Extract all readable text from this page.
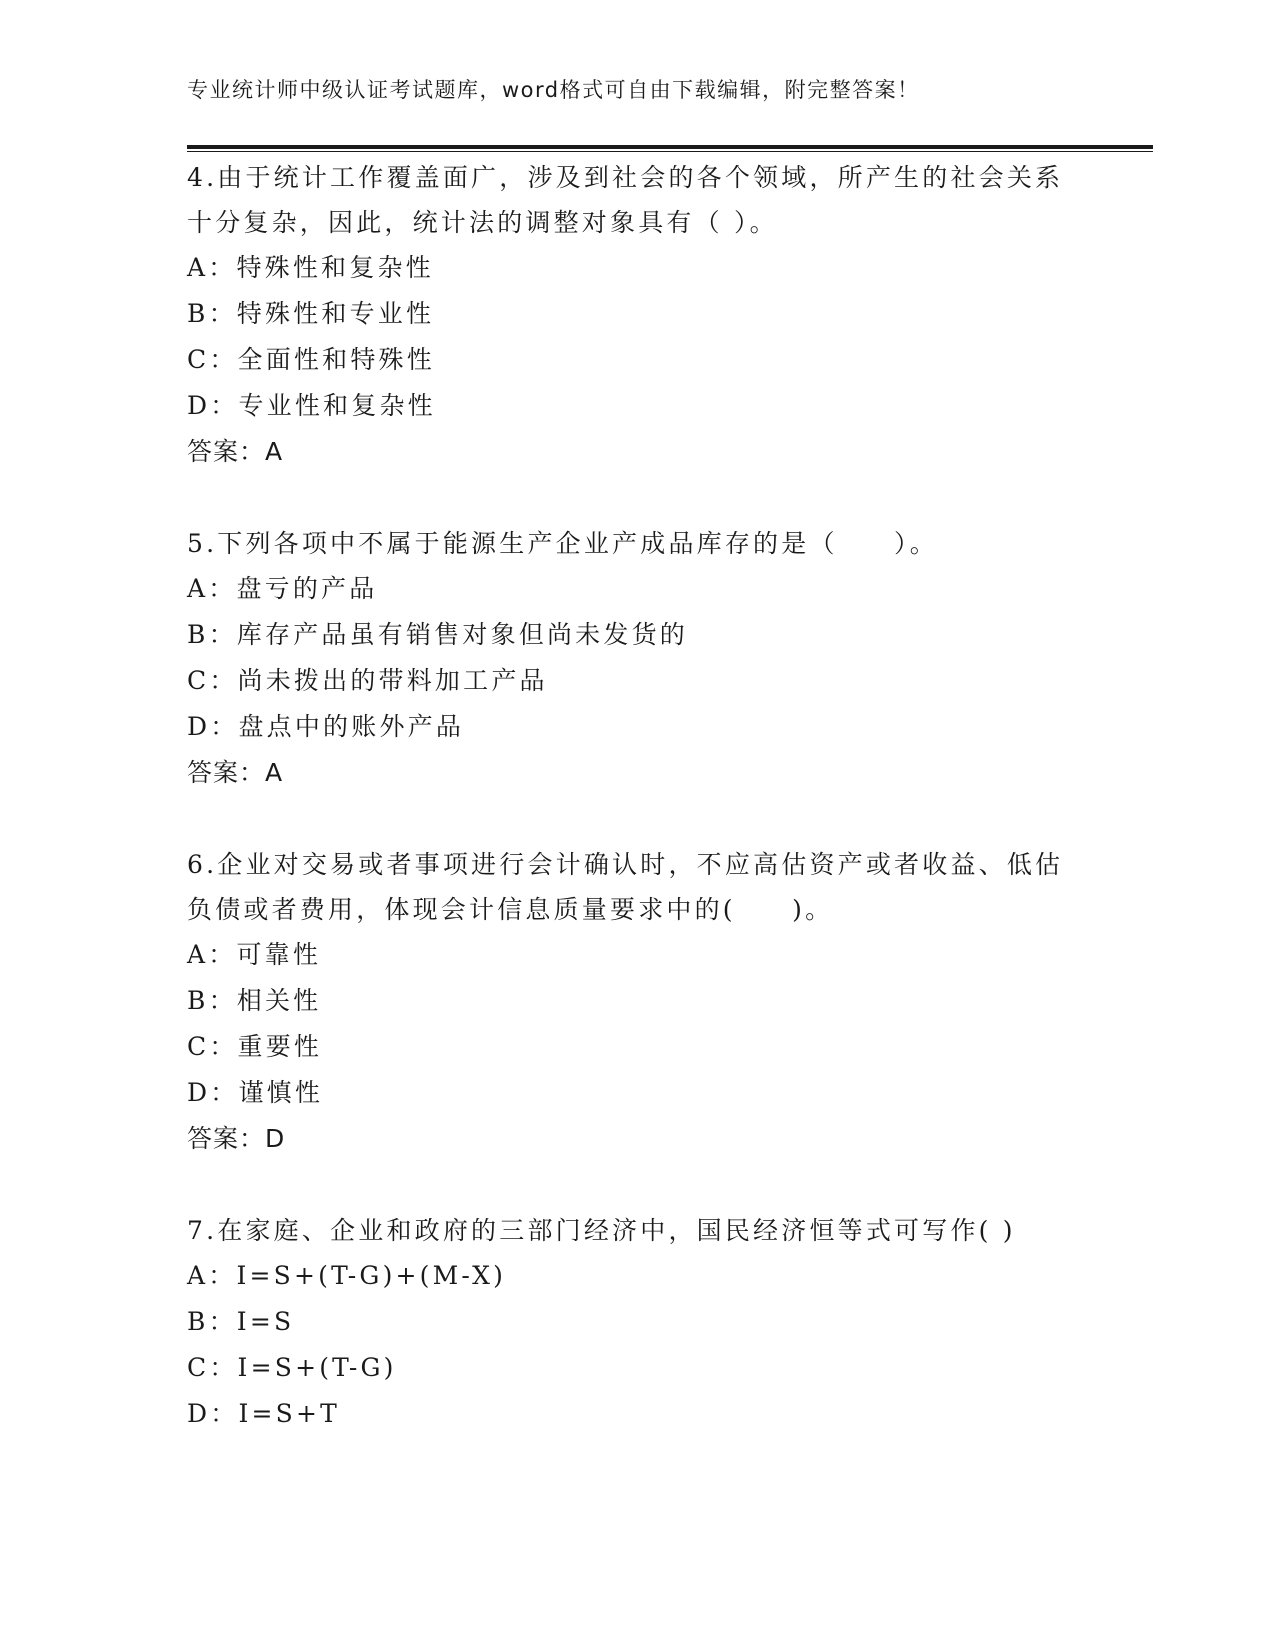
专业统计师中级认证考试题库，word格式可自由下载编辑，附完整答案！
4.由于统计工作覆盖面广，涉及到社会的各个领域，所产生的社会关系十分复杂，因此，统计法的调整对象具有（ ）。
A：特殊性和复杂性
B：特殊性和专业性
C：全面性和特殊性
D：专业性和复杂性
答案：A
5.下列各项中不属于能源生产企业产成品库存的是（　　）。
A：盘亏的产品
B：库存产品虽有销售对象但尚未发货的
C：尚未拨出的带料加工产品
D：盘点中的账外产品
答案：A
6.企业对交易或者事项进行会计确认时，不应高估资产或者收益、低估负债或者费用，体现会计信息质量要求中的(　　)。
A：可靠性
B：相关性
C：重要性
D：谨慎性
答案：D
7.在家庭、企业和政府的三部门经济中，国民经济恒等式可写作( )
A：I=S+(T-G)+(M-X)
B：I=S
C：I=S+(T-G)
D：I=S+T
